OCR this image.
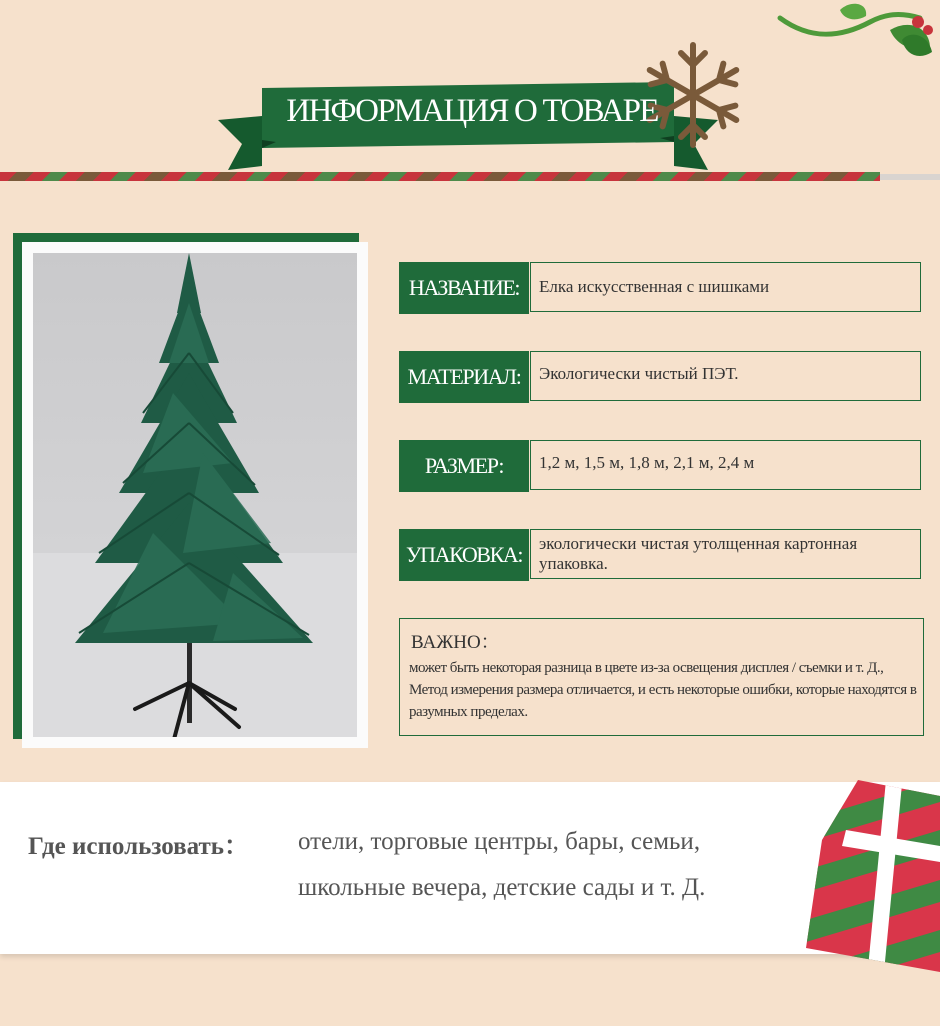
ИНФОРМАЦИЯ О ТОВАРЕ
НАЗВАНИЕ:	Елка искусственная с шишками
МАТЕРИАЛ:	Экологически чистый ПЭТ.
РАЗМЕР:	1,2 м, 1,5 м, 1,8 м, 2,1 м, 2,4 м
УПАКОВКА: экологически чистая утолщенная картонная упаковка.
ВАЖНО：
может быть некоторая разница в цвете из-за освещения дисплея / съемки и т. Д., Метод измерения размера отличается, и есть некоторые ошибки, которые находятся в разумных пределах.
Где использовать： отели, торговые центры, бары, семьи,
школьные вечера, детские сады и т. Д.
